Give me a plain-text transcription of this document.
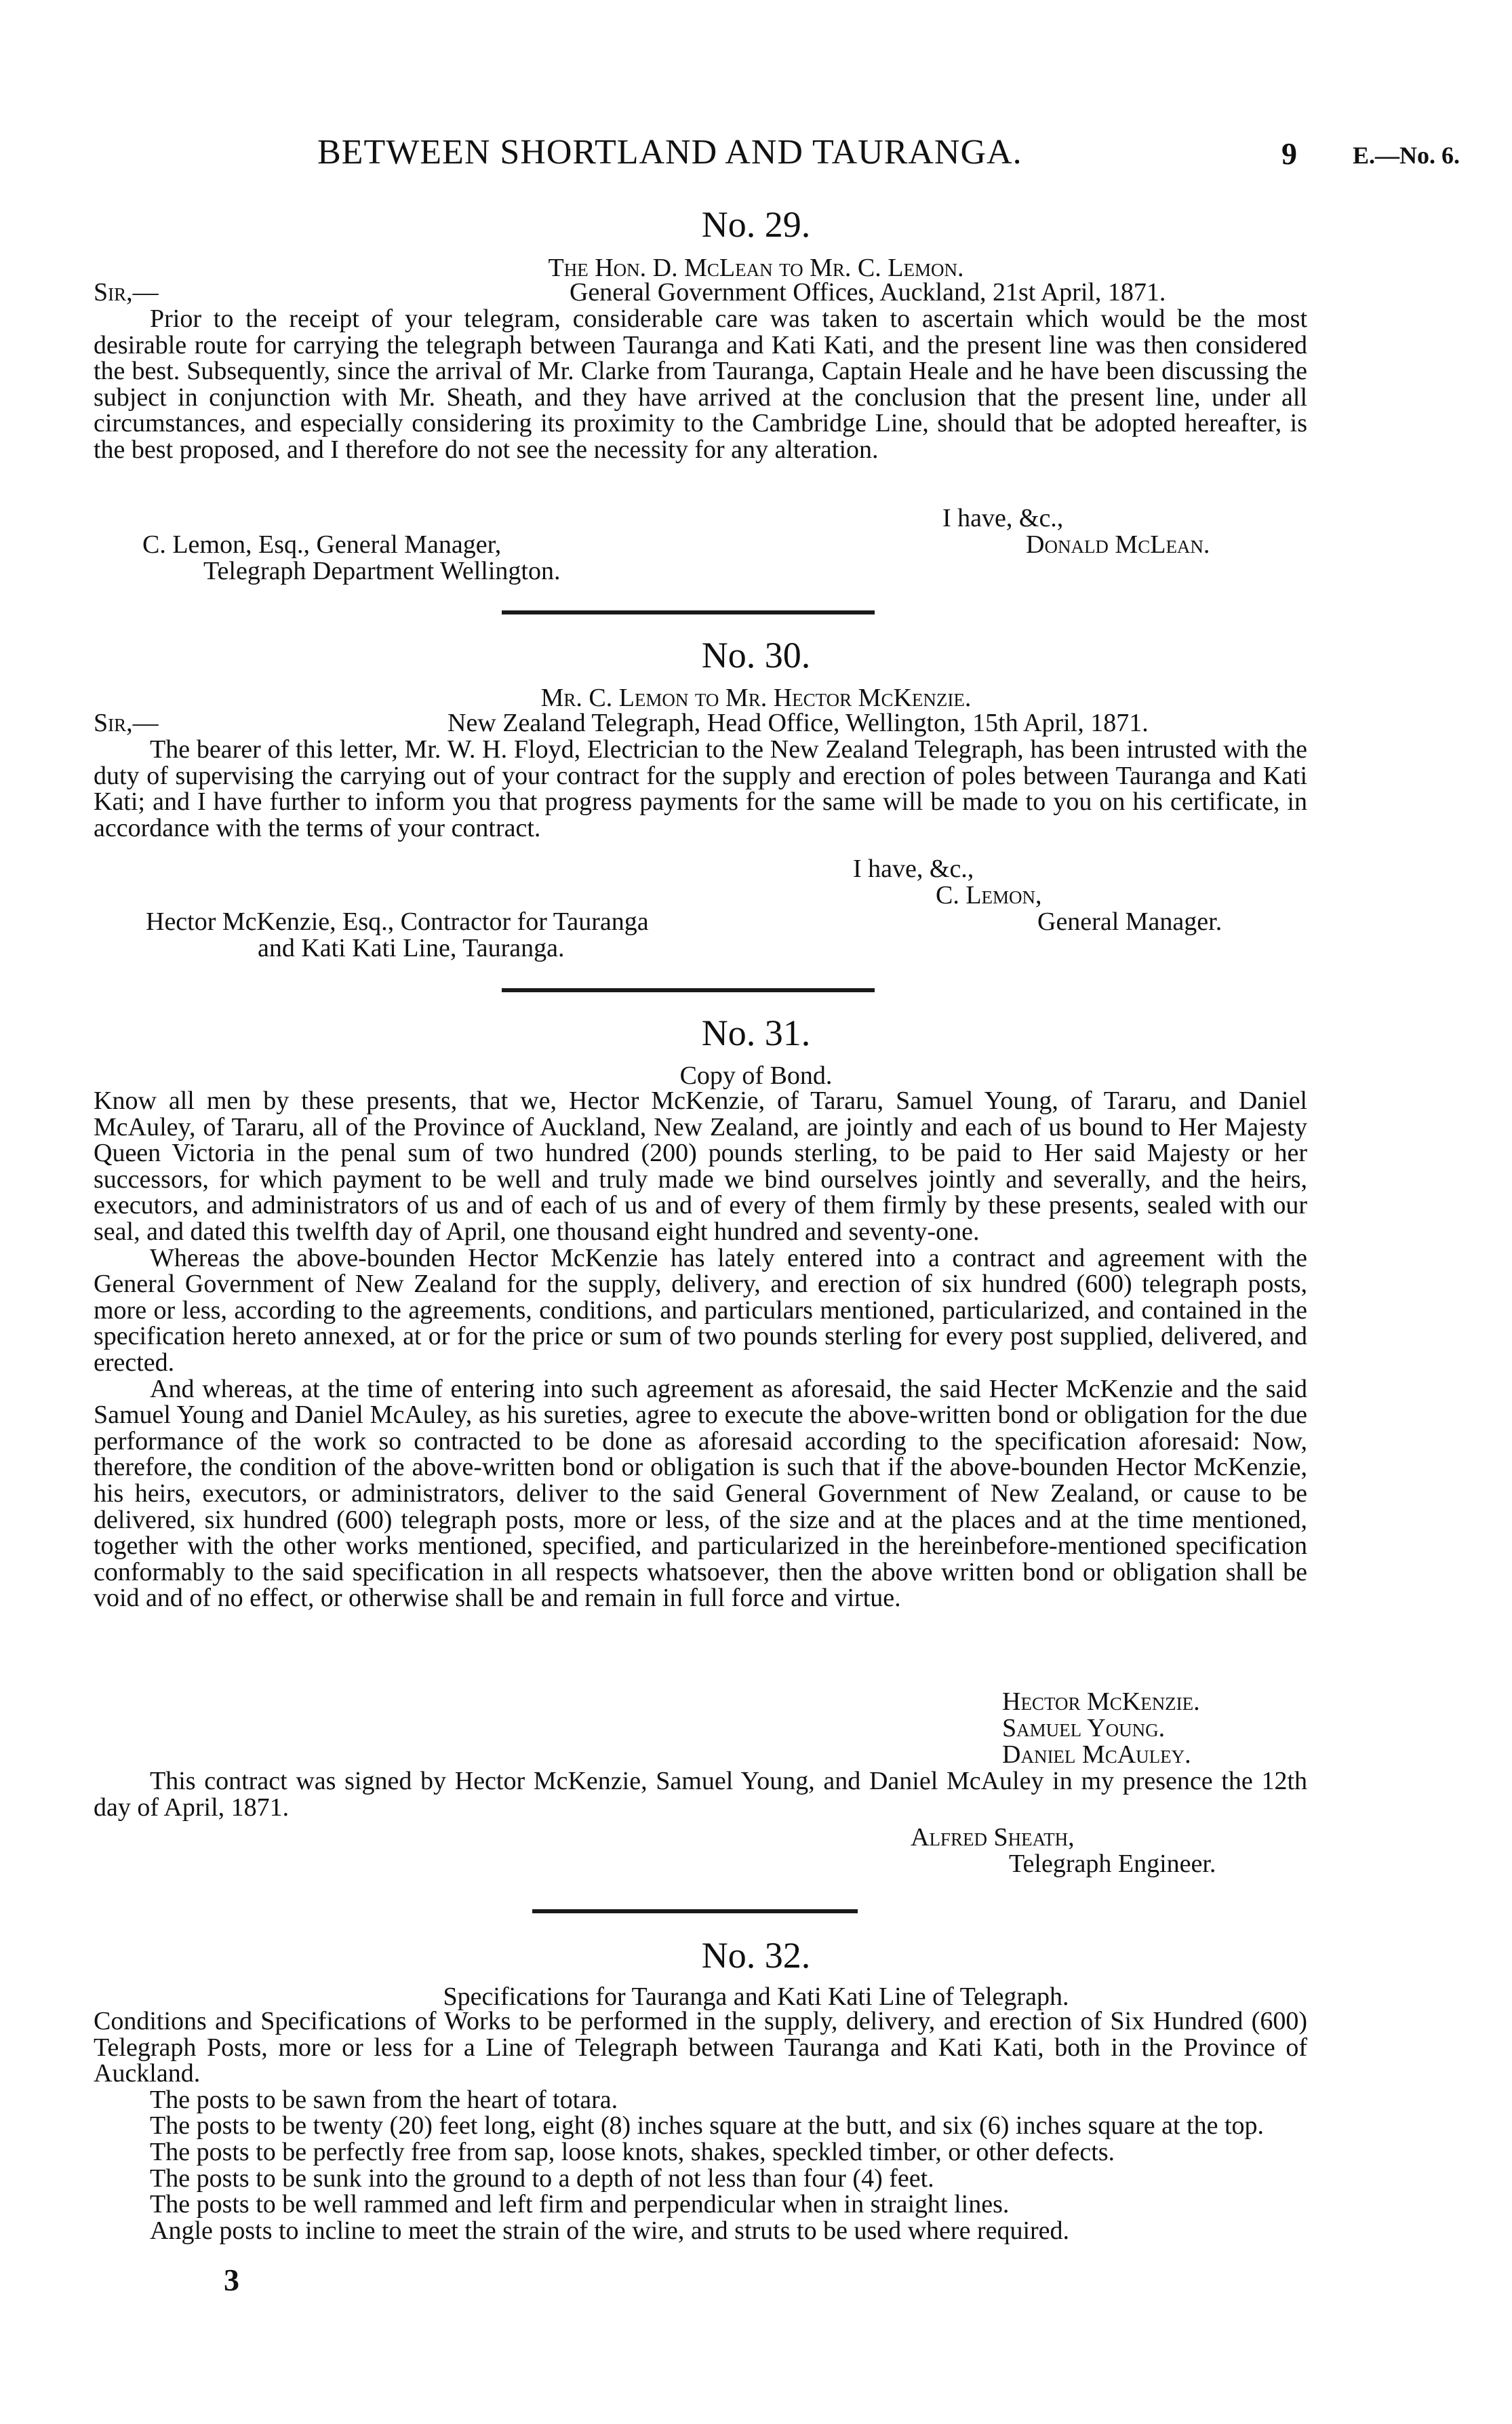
BETWEEN SHORTLAND AND TAURANGA.	9 E.—No. 6.
No. 29.
The Hon. D. McLean to Mr. C. Lemon.
Sir,—	General Government Offices, Auckland, 21st April, 1871.
Prior to the receipt of your telegram, considerable care was taken to ascertain which would be the most desirable route for carrying the telegraph between Tauranga and Kati Kati, and the present line was then considered the best. Subsequently, since the arrival of Mr. Clarke from Tauranga, Captain Heale and he have been discussing the subject in conjunction with Mr. Sheath, and they have arrived at the conclusion that the present line, under all circumstances, and especially considering its proximity to the Cambridge Line, should that be adopted hereafter, is the best proposed, and I therefore do not see the necessity for any alteration.
I have, &c.,
Donald McLean.
C. Lemon, Esq., General Manager,
Telegraph Department Wellington.
No. 30.
Mr. C. Lemon to Mr. Hector McKenzie.
Sir,—	New Zealand Telegraph, Head Office, Wellington, 15th April, 1871.
The bearer of this letter, Mr. W. H. Floyd, Electrician to the New Zealand Telegraph, has been intrusted with the duty of supervising the carrying out of your contract for the supply and erection of poles between Tauranga and Kati Kati; and I have further to inform you that progress payments for the same will be made to you on his certificate, in accordance with the terms of your contract.
I have, &c.,
C. Lemon,
General Manager.
Hector McKenzie, Esq., Contractor for Tauranga
and Kati Kati Line, Tauranga.
No. 31.
Copy of Bond.

Know all men by these presents, that we, Hector McKenzie, of Tararu, Samuel Young, of Tararu, and Daniel McAuley, of Tararu, all of the Province of Auckland, New Zealand, are jointly and each of us bound to Her Majesty Queen Victoria in the penal sum of two hundred (200) pounds sterling, to be paid to Her said Majesty or her successors, for which payment to be well and truly made we bind ourselves jointly and severally, and the heirs, executors, and administrators of us and of each of us and of every of them firmly by these presents, sealed with our seal, and dated this twelfth day of April, one thousand eight hundred and seventy-one.

Whereas the above-bounden Hector McKenzie has lately entered into a contract and agreement with the General Government of New Zealand for the supply, delivery, and erection of six hundred (600) telegraph posts, more or less, according to the agreements, conditions, and particulars mentioned, particularized, and contained in the specification hereto annexed, at or for the price or sum of two pounds sterling for every post supplied, delivered, and erected.

And whereas, at the time of entering into such agreement as aforesaid, the said Hecter McKenzie and the said Samuel Young and Daniel McAuley, as his sureties, agree to execute the above-written bond or obligation for the due performance of the work so contracted to be done as aforesaid according to the specification aforesaid: Now, therefore, the condition of the above-written bond or obligation is such that if the above-bounden Hector McKenzie, his heirs, executors, or administrators, deliver to the said General Government of New Zealand, or cause to be delivered, six hundred (600) telegraph posts, more or less, of the size and at the places and at the time mentioned, together with the other works mentioned, specified, and particularized in the hereinbefore-mentioned specification conformably to the said specification in all respects whatsoever, then the above written bond or obligation shall be void and of no effect, or otherwise shall be and remain in full force and virtue.

Hector McKenzie.
Samuel Young.
Daniel McAuley.
This contract was signed by Hector McKenzie, Samuel Young, and Daniel McAuley in my presence the 12th day of April, 1871.
Alfred Sheath,
Telegraph Engineer.
No. 32.
Specifications for Tauranga and Kati Kati Line of Telegraph.

Conditions and Specifications of Works to be performed in the supply, delivery, and erection of Six Hundred (600) Telegraph Posts, more or less for a Line of Telegraph between Tauranga and Kati Kati, both in the Province of Auckland.

The posts to be sawn from the heart of totara.

The posts to be twenty (20) feet long, eight (8) inches square at the butt, and six (6) inches square at the top.

The posts to be perfectly free from sap, loose knots, shakes, speckled timber, or other defects.

The posts to be sunk into the ground to a depth of not less than four (4) feet.

The posts to be well rammed and left firm and perpendicular when in straight lines.

Angle posts to incline to meet the strain of the wire, and struts to be used where required.

3
